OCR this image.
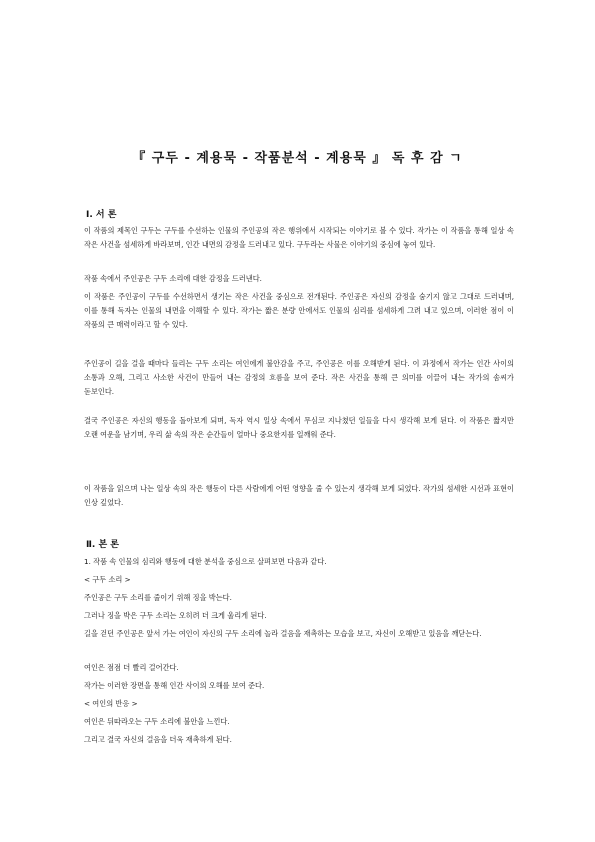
『 구두 - 계용묵 - 작품분석 - 계용묵 』 독 후 감 ㄱ
Ⅰ. 서 론
이 작품의 제목인 구두는 구두를 수선하는 인물의 주인공의 작은 행위에서 시작되는 이야기로 볼 수 있다. 작가는 이 작품을 통해 일상 속 작은 사건을 섬세하게 바라보며, 인간 내면의 감정을 드러내고 있다. 구두라는 사물은 이야기의 중심에 놓여 있다.
작품 속에서 주인공은 구두 소리에 대한 감정을 드러낸다.
이 작품은 주인공이 구두를 수선하면서 생기는 작은 사건을 중심으로 전개된다. 주인공은 자신의 감정을 숨기지 않고 그대로 드러내며, 이를 통해 독자는 인물의 내면을 이해할 수 있다. 작가는 짧은 분량 안에서도 인물의 심리를 섬세하게 그려 내고 있으며, 이러한 점이 이 작품의 큰 매력이라고 할 수 있다.
주인공이 길을 걸을 때마다 들리는 구두 소리는 여인에게 불안감을 주고, 주인공은 이를 오해받게 된다. 이 과정에서 작가는 인간 사이의 소통과 오해, 그리고 사소한 사건이 만들어 내는 감정의 흐름을 보여 준다. 작은 사건을 통해 큰 의미를 이끌어 내는 작가의 솜씨가 돋보인다.
결국 주인공은 자신의 행동을 돌아보게 되며, 독자 역시 일상 속에서 무심코 지나쳤던 일들을 다시 생각해 보게 된다. 이 작품은 짧지만 오랜 여운을 남기며, 우리 삶 속의 작은 순간들이 얼마나 중요한지를 일깨워 준다.
이 작품을 읽으며 나는 일상 속의 작은 행동이 다른 사람에게 어떤 영향을 줄 수 있는지 생각해 보게 되었다. 작가의 섬세한 시선과 표현이 인상 깊었다.
Ⅱ. 본 론
1. 작품 속 인물의 심리와 행동에 대한 분석을 중심으로 살펴보면 다음과 같다.
< 구두 소리 >
주인공은 구두 소리를 줄이기 위해 징을 박는다.
그러나 징을 박은 구두 소리는 오히려 더 크게 울리게 된다.
길을 걷던 주인공은 앞서 가는 여인이 자신의 구두 소리에 놀라 걸음을 재촉하는 모습을 보고, 자신이 오해받고 있음을 깨닫는다.
여인은 점점 더 빨리 걸어간다.
작가는 이러한 장면을 통해 인간 사이의 오해를 보여 준다.
< 여인의 반응 >
여인은 뒤따라오는 구두 소리에 불안을 느낀다.
그리고 결국 자신의 걸음을 더욱 재촉하게 된다.
